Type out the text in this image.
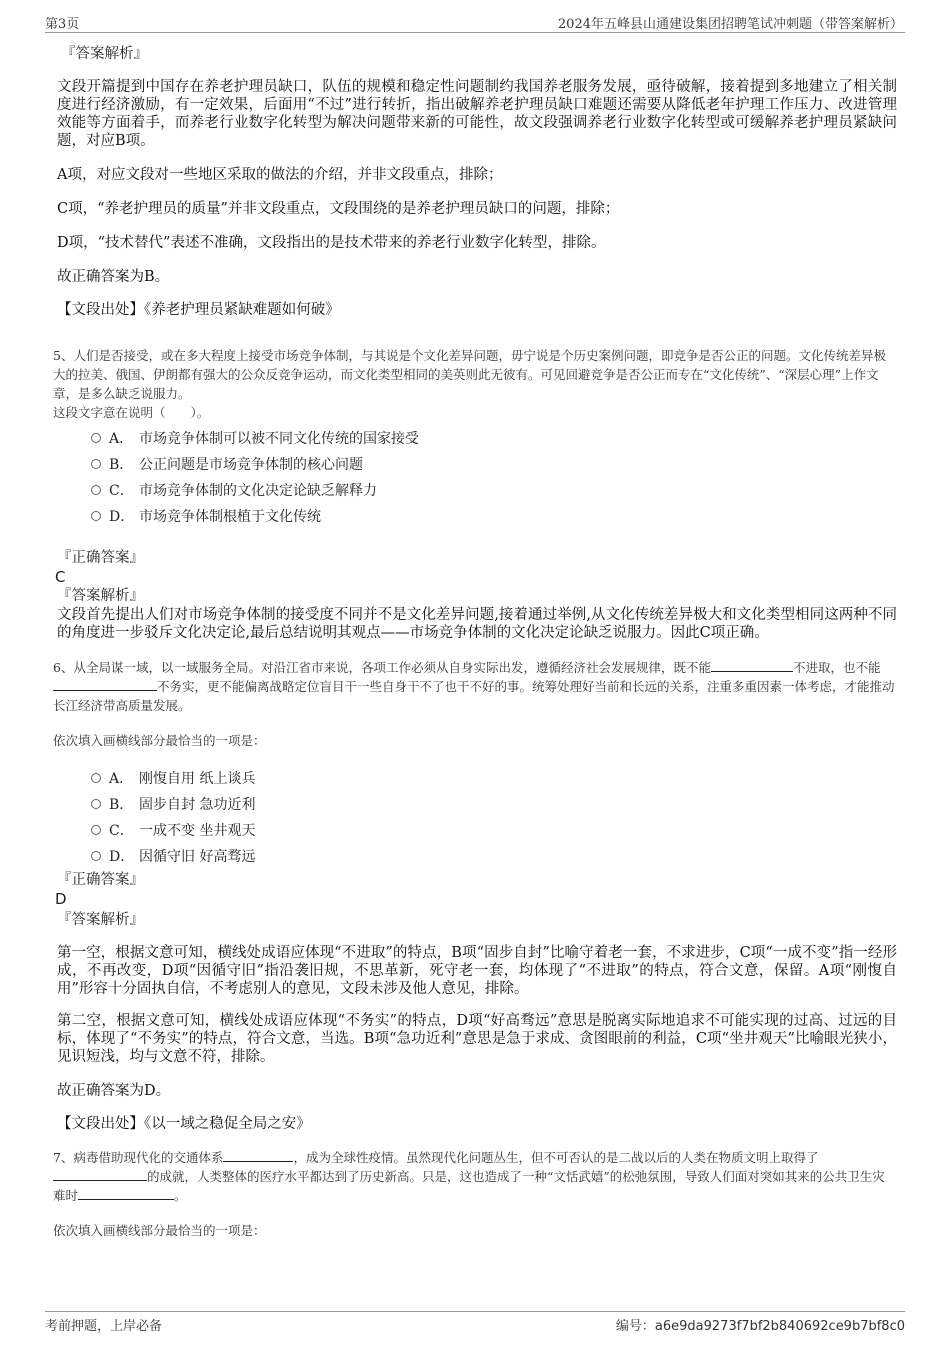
第3页	2024年五峰县山通建设集团招聘笔试冲刺题（带答案解析）
『答案解析』
文段开篇提到中国存在养老护理员缺口，队伍的规模和稳定性问题制约我国养老服务发展，亟待破解，接着提到多地建立了相关制度进行经济激励，有一定效果，后面用“不过”进行转折，指出破解养老护理员缺口难题还需要从降低老年护理工作压力、改进管理效能等方面着手，而养老行业数字化转型为解决问题带来新的可能性，故文段强调养老行业数字化转型或可缓解养老护理员紧缺问题，对应B项。
A项，对应文段对一些地区采取的做法的介绍，并非文段重点，排除；
C项，“养老护理员的质量”并非文段重点，文段围绕的是养老护理员缺口的问题，排除；
D项，“技术替代”表述不准确，文段指出的是技术带来的养老行业数字化转型，排除。
故正确答案为B。
【文段出处】《养老护理员紧缺难题如何破》
5、人们是否接受，或在多大程度上接受市场竞争体制，与其说是个文化差异问题，毋宁说是个历史案例问题，即竞争是否公正的问题。文化传统差异极大的拉美、俄国、伊朗都有强大的公众反竞争运动，而文化类型相同的美英则此无彼有。可见回避竞争是否公正而专在“文化传统”、“深层心理”上作文章，是多么缺乏说服力。
这段文字意在说明（　　）。
A． 市场竞争体制可以被不同文化传统的国家接受
B． 公正问题是市场竞争体制的核心问题
C． 市场竞争体制的文化决定论缺乏解释力
D． 市场竞争体制根植于文化传统
『正确答案』
C
『答案解析』
文段首先提出人们对市场竞争体制的接受度不同并不是文化差异问题,接着通过举例,从文化传统差异极大和文化类型相同这两种不同的角度进一步驳斥文化决定论,最后总结说明其观点——市场竞争体制的文化决定论缺乏说服力。因此C项正确。
6、从全局谋一域，以一域服务全局。对沿江省市来说，各项工作必须从自身实际出发，遵循经济社会发展规律，既不能	不进取，也不能不务实，更不能偏离战略定位盲目干一些自身干不了也干不好的事。统筹处理好当前和长远的关系，注重多重因素一体考虑，才能推动长江经济带高质量发展。
依次填入画横线部分最恰当的一项是：
A． 刚愎自用 纸上谈兵
B． 固步自封 急功近利
C． 一成不变 坐井观天
D． 因循守旧 好高骛远
『正确答案』
D
『答案解析』
第一空，根据文意可知，横线处成语应体现“不进取”的特点，B项“固步自封”比喻守着老一套，不求进步，C项“一成不变”指一经形成，不再改变，D项“因循守旧”指沿袭旧规，不思革新，死守老一套，均体现了“不进取”的特点，符合文意，保留。A项“刚愎自用”形容十分固执自信，不考虑别人的意见，文段未涉及他人意见，排除。
第二空，根据文意可知，横线处成语应体现“不务实”的特点，D项“好高骛远”意思是脱离实际地追求不可能实现的过高、过远的目标，体现了“不务实”的特点，符合文意，当选。B项“急功近利”意思是急于求成、贪图眼前的利益，C项“坐井观天”比喻眼光狭小，见识短浅，均与文意不符，排除。
故正确答案为D。
【文段出处】《以一域之稳促全局之安》
7、病毒借助现代化的交通体系	，成为全球性疫情。虽然现代化问题丛生，但不可否认的是二战以后的人类在物质文明上取得了的成就，人类整体的医疗水平都达到了历史新高。只是，这也造成了一种“文恬武嬉”的松弛氛围，导致人们面对突如其来的公共卫生灾难时	。
依次填入画横线部分最恰当的一项是：
考前押题，上岸必备	编号：a6e9da9273f7bf2b840692ce9b7bf8c0
